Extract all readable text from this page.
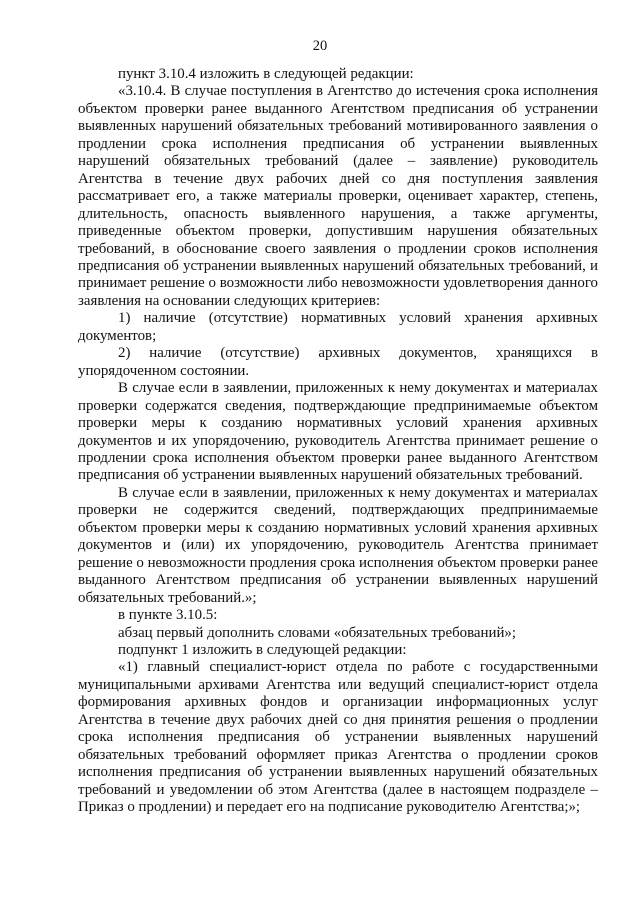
20

пункт 3.10.4 изложить в следующей редакции:

«3.10.4. В случае поступления в Агентство до истечения срока исполнения объектом проверки ранее выданного Агентством предписания об устранении выявленных нарушений обязательных требований мотивированного заявления о продлении срока исполнения предписания об устранении выявленных нарушений обязательных требований (далее – заявление) руководитель Агентства в течение двух рабочих дней со дня поступления заявления рассматривает его, а также материалы проверки, оценивает характер, степень, длительность, опасность выявленного нарушения, а также аргументы, приведенные объектом проверки, допустившим нарушения обязательных требований, в обоснование своего заявления о продлении сроков исполнения предписания об устранении выявленных нарушений обязательных требований, и принимает решение о возможности либо невозможности удовлетворения данного заявления на основании следующих критериев:

1) наличие (отсутствие) нормативных условий хранения архивных документов;

2) наличие (отсутствие) архивных документов, хранящихся в упорядоченном состоянии.

В случае если в заявлении, приложенных к нему документах и материалах проверки содержатся сведения, подтверждающие предпринимаемые объектом проверки меры к созданию нормативных условий хранения архивных документов и их упорядочению, руководитель Агентства принимает решение о продлении срока исполнения объектом проверки ранее выданного Агентством предписания об устранении выявленных нарушений обязательных требований.

В случае если в заявлении, приложенных к нему документах и материалах проверки не содержится сведений, подтверждающих предпринимаемые объектом проверки меры к созданию нормативных условий хранения архивных документов и (или) их упорядочению, руководитель Агентства принимает решение о невозможности продления срока исполнения объектом проверки ранее выданного Агентством предписания об устранении выявленных нарушений обязательных требований.»;

в пункте 3.10.5:

абзац первый дополнить словами «обязательных требований»;

подпункт 1 изложить в следующей редакции:

«1) главный специалист-юрист отдела по работе с государственными муниципальными архивами Агентства или ведущий специалист-юрист отдела формирования архивных фондов и организации информационных услуг Агентства в течение двух рабочих дней со дня принятия решения о продлении срока исполнения предписания об устранении выявленных нарушений обязательных требований оформляет приказ Агентства о продлении сроков исполнения предписания об устранении выявленных нарушений обязательных требований и уведомлении об этом Агентства (далее в настоящем подразделе – Приказ о продлении) и передает его на подписание руководителю Агентства;»;
